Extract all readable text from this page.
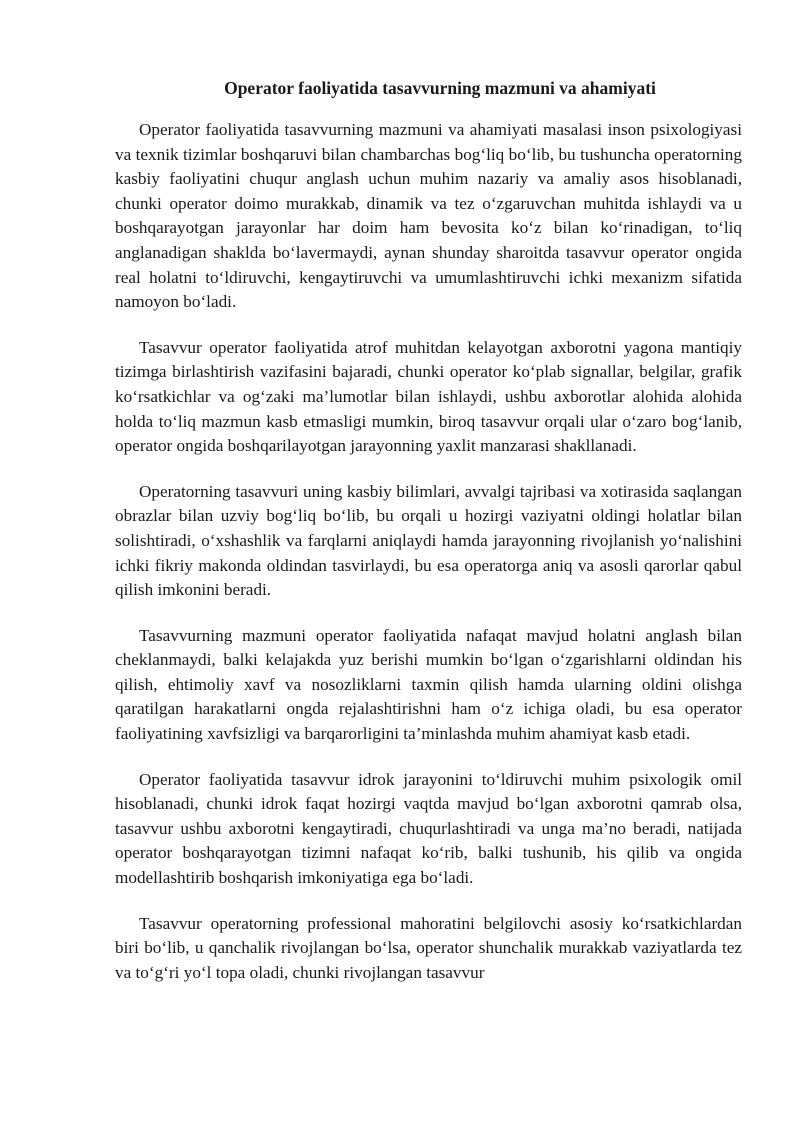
Operator faoliyatida tasavvurning mazmuni va ahamiyati

Operator faoliyatida tasavvurning mazmuni va ahamiyati masalasi inson psixologiyasi va texnik tizimlar boshqaruvi bilan chambarchas bog‘liq bo‘lib, bu tushuncha operatorning kasbiy faoliyatini chuqur anglash uchun muhim nazariy va amaliy asos hisoblanadi, chunki operator doimo murakkab, dinamik va tez o‘zgaruvchan muhitda ishlaydi va u boshqarayotgan jarayonlar har doim ham bevosita ko‘z bilan ko‘rinadigan, to‘liq anglanadigan shaklda bo‘lavermaydi, aynan shunday sharoitda tasavvur operator ongida real holatni to‘ldiruvchi, kengaytiruvchi va umumlashtiruvchi ichki mexanizm sifatida namoyon bo‘ladi.

Tasavvur operator faoliyatida atrof muhitdan kelayotgan axborotni yagona mantiqiy tizimga birlashtirish vazifasini bajaradi, chunki operator ko‘plab signallar, belgilar, grafik ko‘rsatkichlar va og‘zaki ma’lumotlar bilan ishlaydi, ushbu axborotlar alohida alohida holda to‘liq mazmun kasb etmasligi mumkin, biroq tasavvur orqali ular o‘zaro bog‘lanib, operator ongida boshqarilayotgan jarayonning yaxlit manzarasi shakllanadi.

Operatorning tasavvuri uning kasbiy bilimlari, avvalgi tajribasi va xotirasida saqlangan obrazlar bilan uzviy bog‘liq bo‘lib, bu orqali u hozirgi vaziyatni oldingi holatlar bilan solishtiradi, o‘xshashlik va farqlarni aniqlaydi hamda jarayonning rivojlanish yo‘nalishini ichki fikriy makonda oldindan tasvirlaydi, bu esa operatorga aniq va asosli qarorlar qabul qilish imkonini beradi.

Tasavvurning mazmuni operator faoliyatida nafaqat mavjud holatni anglash bilan cheklanmaydi, balki kelajakda yuz berishi mumkin bo‘lgan o‘zgarishlarni oldindan his qilish, ehtimoliy xavf va nosozliklarni taxmin qilish hamda ularning oldini olishga qaratilgan harakatlarni ongda rejalashtirishni ham o‘z ichiga oladi, bu esa operator faoliyatining xavfsizligi va barqarorligini ta’minlashda muhim ahamiyat kasb etadi.

Operator faoliyatida tasavvur idrok jarayonini to‘ldiruvchi muhim psixologik omil hisoblanadi, chunki idrok faqat hozirgi vaqtda mavjud bo‘lgan axborotni qamrab olsa, tasavvur ushbu axborotni kengaytiradi, chuqurlashtiradi va unga ma’no beradi, natijada operator boshqarayotgan tizimni nafaqat ko‘rib, balki tushunib, his qilib va ongida modellashtirib boshqarish imkoniyatiga ega bo‘ladi.

Tasavvur operatorning professional mahoratini belgilovchi asosiy ko‘rsatkichlardan biri bo‘lib, u qanchalik rivojlangan bo‘lsa, operator shunchalik murakkab vaziyatlarda tez va to‘g‘ri yo‘l topa oladi, chunki rivojlangan tasavvur
